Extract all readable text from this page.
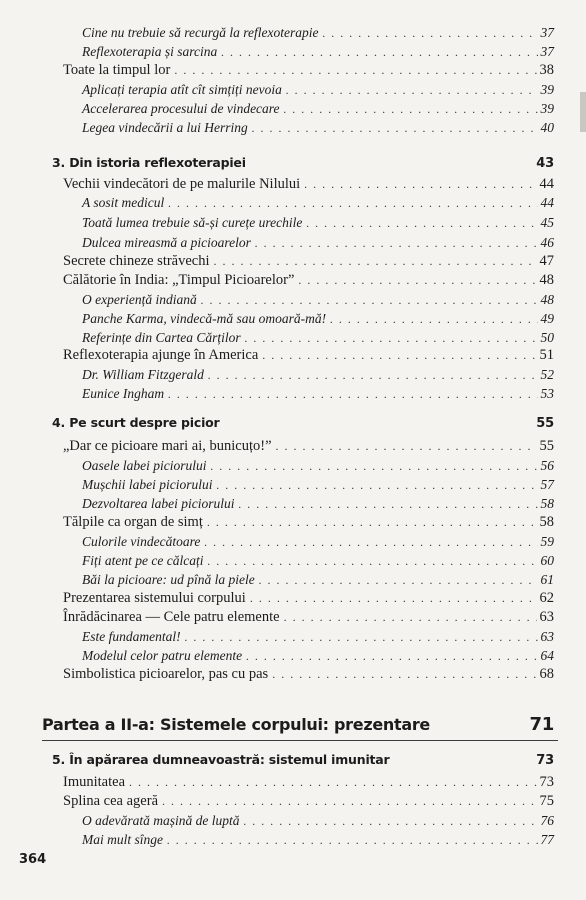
Cine nu trebuie să recurgă la reflexoterapie . . .	37
Reflexoterapia și sarcina . . .	37
Toate la timpul lor . . .	38
Aplicați terapia atît cît simțiți nevoia . . .	39
Accelerarea procesului de vindecare . . .	39
Legea vindecării a lui Herring . . .	40
3. Din istoria reflexoterapiei	43
Vechii vindecători de pe malurile Nilului . . .	44
A sosit medicul . . .	44
Toată lumea trebuie să-și curețe urechile . . .	45
Dulcea mireasmă a picioarelor . . .	46
Secrete chineze străvechi . . .	47
Călătorie în India: „Timpul Picioarelor” . . .	48
O experiență indiană . . .	48
Panche Karma, vindecă-mă sau omoară-mă! . . .	49
Referințe din Cartea Cărților . . .	50
Reflexoterapia ajunge în America . . .	51
Dr. William Fitzgerald . . .	52
Eunice Ingham . . .	53
4. Pe scurt despre picior	55
„Dar ce picioare mari ai, bunicuțo!” . . .	55
Oasele labei piciorului . . .	56
Mușchii labei piciorului . . .	57
Dezvoltarea labei piciorului . . .	58
Tălpile ca organ de simț . . .	58
Culorile vindecătoare . . .	59
Fiți atent pe ce călcați . . .	60
Băi la picioare: ud pînă la piele . . .	61
Prezentarea sistemului corpului . . .	62
Înrădăcinarea — Cele patru elemente . . .	63
Este fundamental! . . .	63
Modelul celor patru elemente . . .	64
Simbolistica picioarelor, pas cu pas . . .	68
Partea a II-a: Sistemele corpului: prezentare	71
5. În apărarea dumneavoastră: sistemul imunitar	73
Imunitatea . . .	73
Splina cea ageră . . .	75
O adevărată mașină de luptă . . .	76
Mai mult sînge . . .	77
364
